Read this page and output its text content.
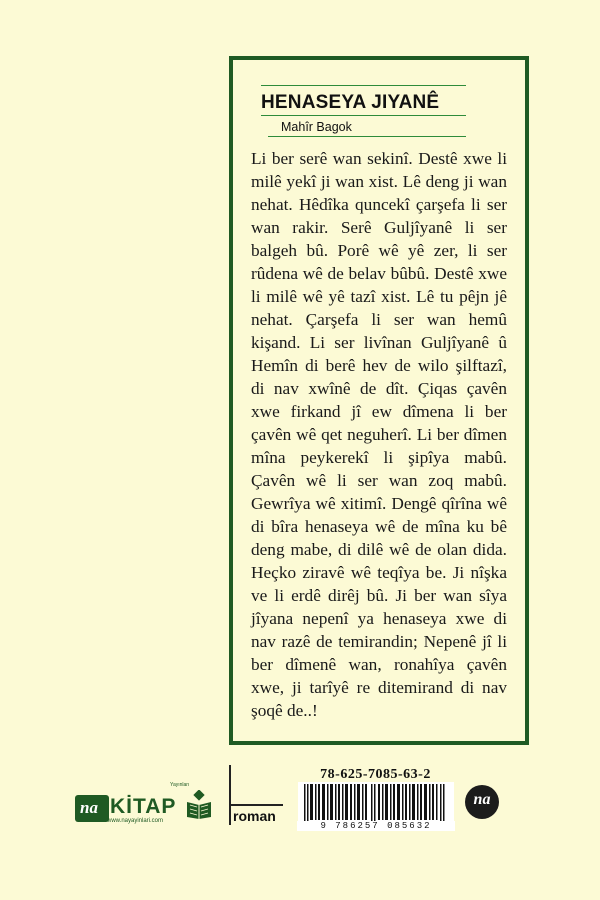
HENASEYA JIYANÊ
Mahîr Bagok
Li ber serê wan sekinî. Destê xwe li milê yekî ji wan xist. Lê deng ji wan nehat. Hêdîka quncekî çarşefa li ser wan rakir. Serê Guljîyanê li ser balgeh bû. Porê wê yê zer, li ser rûdena wê de belav bûbû. Destê xwe li milê wê yê tazî xist. Lê tu pêjn jê nehat. Çarşefa li ser wan hemû kişand. Li ser livînan Guljîyanê û Hemîn di berê hev de wilo şilftazî, di nav xwînê de dît. Çiqas çavên xwe firkand jî ew dîmena li ber çavên wê qet neguherî. Li ber dîmen mîna peykerekî li şipîya mabû. Çavên wê li ser wan zoq mabû. Gewrîya wê xitimî. Dengê qîrîna wê di bîra henaseya wê de mîna ku bê deng mabe, di dilê wê de olan dida. Heçko ziravê wê teqîya be. Ji nîşka ve li erdê dirêj bû. Ji ber wan sîya jîyana nepenî ya henaseya xwe di nav razê de temirandin; Nepenê jî li ber dîmenê wan, ronahîya çavên xwe, ji tarîyê re ditemirand di nav şoqê de..!
na KİTAP
Yayınları
www.nayayinlari.com	roman
78-625-7085-63-2
9 786257 085632
na
